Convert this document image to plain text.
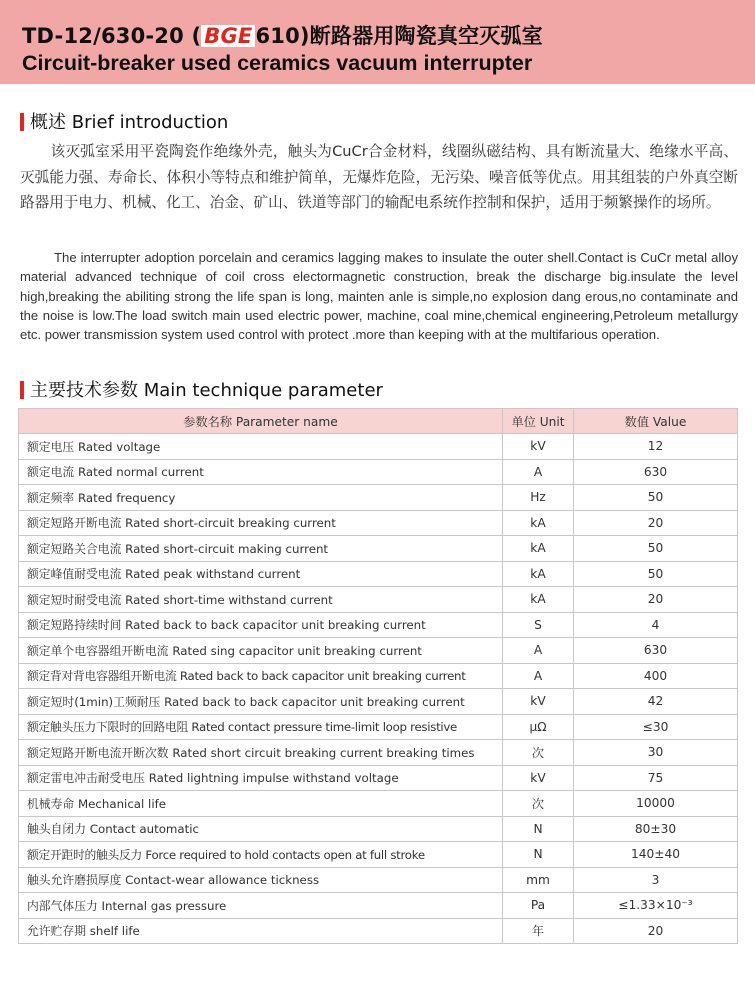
TD-12/630-20 ( BGE 610)断路器用陶瓷真空灭弧室
Circuit-breaker used ceramics vacuum interrupter
概述 Brief introduction
该灭弧室采用平瓷陶瓷作绝缘外壳，触头为CuCr合金材料，线圈纵磁结构、具有断流量大、绝缘水平高、灭弧能力强、寿命长、体积小等特点和维护简单，无爆炸危险，无污染、噪音低等优点。用其组装的户外真空断路器用于电力、机械、化工、冶金、矿山、铁道等部门的输配电系统作控制和保护，适用于频繁操作的场所。
The interrupter adoption porcelain and ceramics lagging makes to insulate the outer shell.Contact is CuCr metal alloy material advanced technique of coil cross electormagnetic construction, break the discharge big.insulate the level high,breaking the abiliting strong the life span is long, mainten anle is simple,no explosion dang erous,no contaminate and the noise is low.The load switch main used electric power, machine, coal mine,chemical engineering,Petroleum metallurgy etc. power transmission system used control with protect .more than keeping with at the multifarious operation.
主要技术参数 Main technique parameter
参数名称 Parameter name	单位 Unit	数值 Value
额定电压 Rated voltage	kV	12
额定电流 Rated normal current	A	630
额定频率 Rated frequency	Hz	50
额定短路开断电流 Rated short-circuit breaking current	kA	20
额定短路关合电流 Rated short-circuit making current	kA	50
额定峰值耐受电流 Rated peak withstand current	kA	50
额定短时耐受电流 Rated short-time withstand current	kA	20
额定短路持续时间 Rated back to back capacitor unit breaking current	S	4
额定单个电容器组开断电流 Rated sing capacitor unit breaking current	A	630
额定背对背电容器组开断电流 Rated back to back capacitor unit breaking current	A	400
额定短时(1min)工频耐压 Rated back to back capacitor unit breaking current	kV	42
额定触头压力下限时的回路电阻 Rated contact pressure time-limit loop resistive	μΩ	≤30
额定短路开断电流开断次数 Rated short circuit breaking current breaking times	次	30
额定雷电冲击耐受电压 Rated lightning impulse withstand voltage	kV	75
机械寿命 Mechanical life	次	10000
触头自闭力 Contact automatic	N	80±30
额定开距时的触头反力 Force required to hold contacts open at full stroke	N	140±40
触头允许磨损厚度 Contact-wear allowance tickness	mm	3
内部气体压力 Internal gas pressure	Pa	≤1.33×10⁻³
允许贮存期 shelf life	年	20
